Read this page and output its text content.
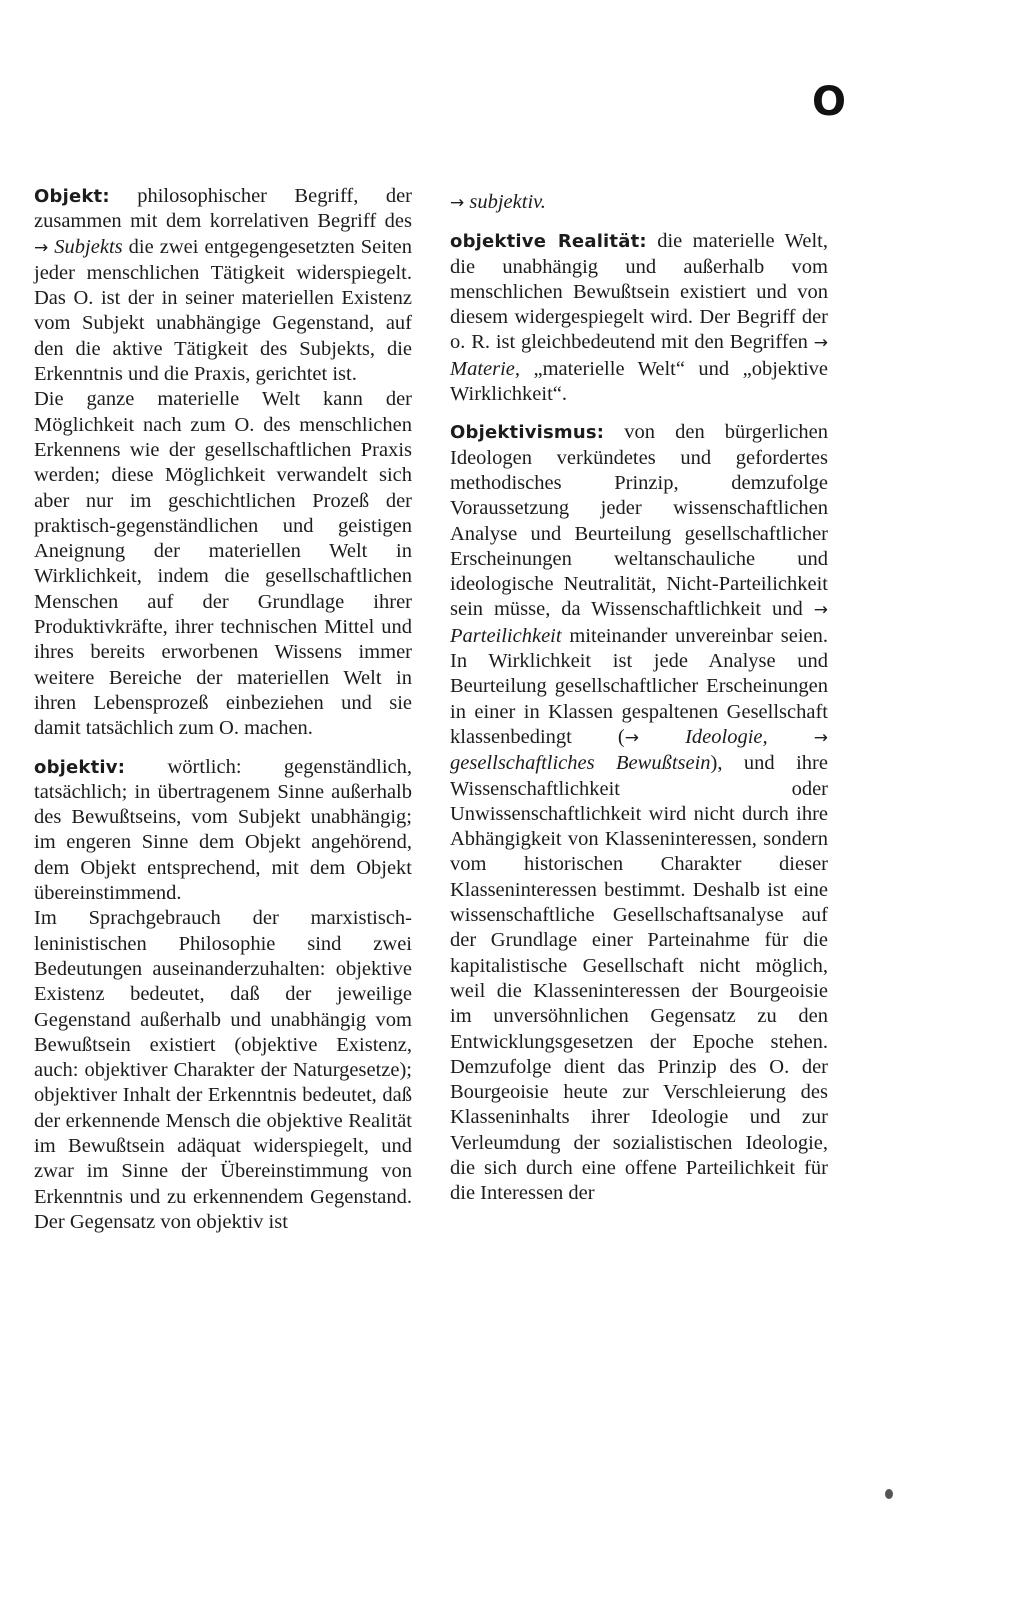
O

Objekt: philosophischer Begriff, der zusammen mit dem korrelativen Begriff des → Subjekts die zwei entgegengesetzten Seiten jeder menschlichen Tätigkeit widerspiegelt. Das O. ist der in seiner materiellen Existenz vom Subjekt unabhängige Gegenstand, auf den die aktive Tätigkeit des Subjekts, die Erkenntnis und die Praxis, gerichtet ist.

Die ganze materielle Welt kann der Möglichkeit nach zum O. des menschlichen Erkennens wie der gesellschaftlichen Praxis werden; diese Möglichkeit verwandelt sich aber nur im geschichtlichen Prozeß der praktisch-gegenständlichen und geistigen Aneignung der materiellen Welt in Wirklichkeit, indem die gesellschaftlichen Menschen auf der Grundlage ihrer Produktivkräfte, ihrer technischen Mittel und ihres bereits erworbenen Wissens immer weitere Bereiche der materiellen Welt in ihren Lebensprozeß einbeziehen und sie damit tatsächlich zum O. machen.

objektiv: wörtlich: gegenständlich, tatsächlich; in übertragenem Sinne außerhalb des Bewußtseins, vom Subjekt unabhängig; im engeren Sinne dem Objekt angehörend, dem Objekt entsprechend, mit dem Objekt übereinstimmend.

Im Sprachgebrauch der marxistisch-leninistischen Philosophie sind zwei Bedeutungen auseinanderzuhalten: objektive Existenz bedeutet, daß der jeweilige Gegenstand außerhalb und unabhängig vom Bewußtsein existiert (objektive Existenz, auch: objektiver Charakter der Naturgesetze); objektiver Inhalt der Erkenntnis bedeutet, daß der erkennende Mensch die objektive Realität im Bewußtsein adäquat widerspiegelt, und zwar im Sinne der Übereinstimmung von Erkenntnis und zu erkennendem Gegenstand. Der Gegensatz von objektiv ist

→ subjektiv.

objektive Realität: die materielle Welt, die unabhängig und außerhalb vom menschlichen Bewußtsein existiert und von diesem widergespiegelt wird. Der Begriff der o. R. ist gleichbedeutend mit den Begriffen → Materie, „materielle Welt“ und „objektive Wirklichkeit“.

Objektivismus: von den bürgerlichen Ideologen verkündetes und gefordertes methodisches Prinzip, demzufolge Voraussetzung jeder wissenschaftlichen Analyse und Beurteilung gesellschaftlicher Erscheinungen weltanschauliche und ideologische Neutralität, Nicht-Parteilichkeit sein müsse, da Wissenschaftlichkeit und → Parteilichkeit miteinander unvereinbar seien. In Wirklichkeit ist jede Analyse und Beurteilung gesellschaftlicher Erscheinungen in einer in Klassen gespaltenen Gesellschaft klassenbedingt (→ Ideologie,	→ gesellschaftliches Bewußtsein), und ihre Wissenschaftlichkeit oder Unwissenschaftlichkeit wird nicht durch ihre Abhängigkeit von Klasseninteressen, sondern vom historischen Charakter dieser Klasseninteressen bestimmt. Deshalb ist eine wissenschaftliche Gesellschaftsanalyse auf der Grundlage einer Parteinahme für die kapitalistische Gesellschaft nicht möglich, weil die Klasseninteressen der Bourgeoisie im unversöhnlichen Gegensatz zu den Entwicklungsgesetzen der Epoche stehen. Demzufolge dient das Prinzip des O. der Bourgeoisie heute zur Verschleierung des Klasseninhalts ihrer Ideologie und zur Verleumdung der sozialistischen Ideologie, die sich durch eine offene Parteilichkeit für die Interessen der
